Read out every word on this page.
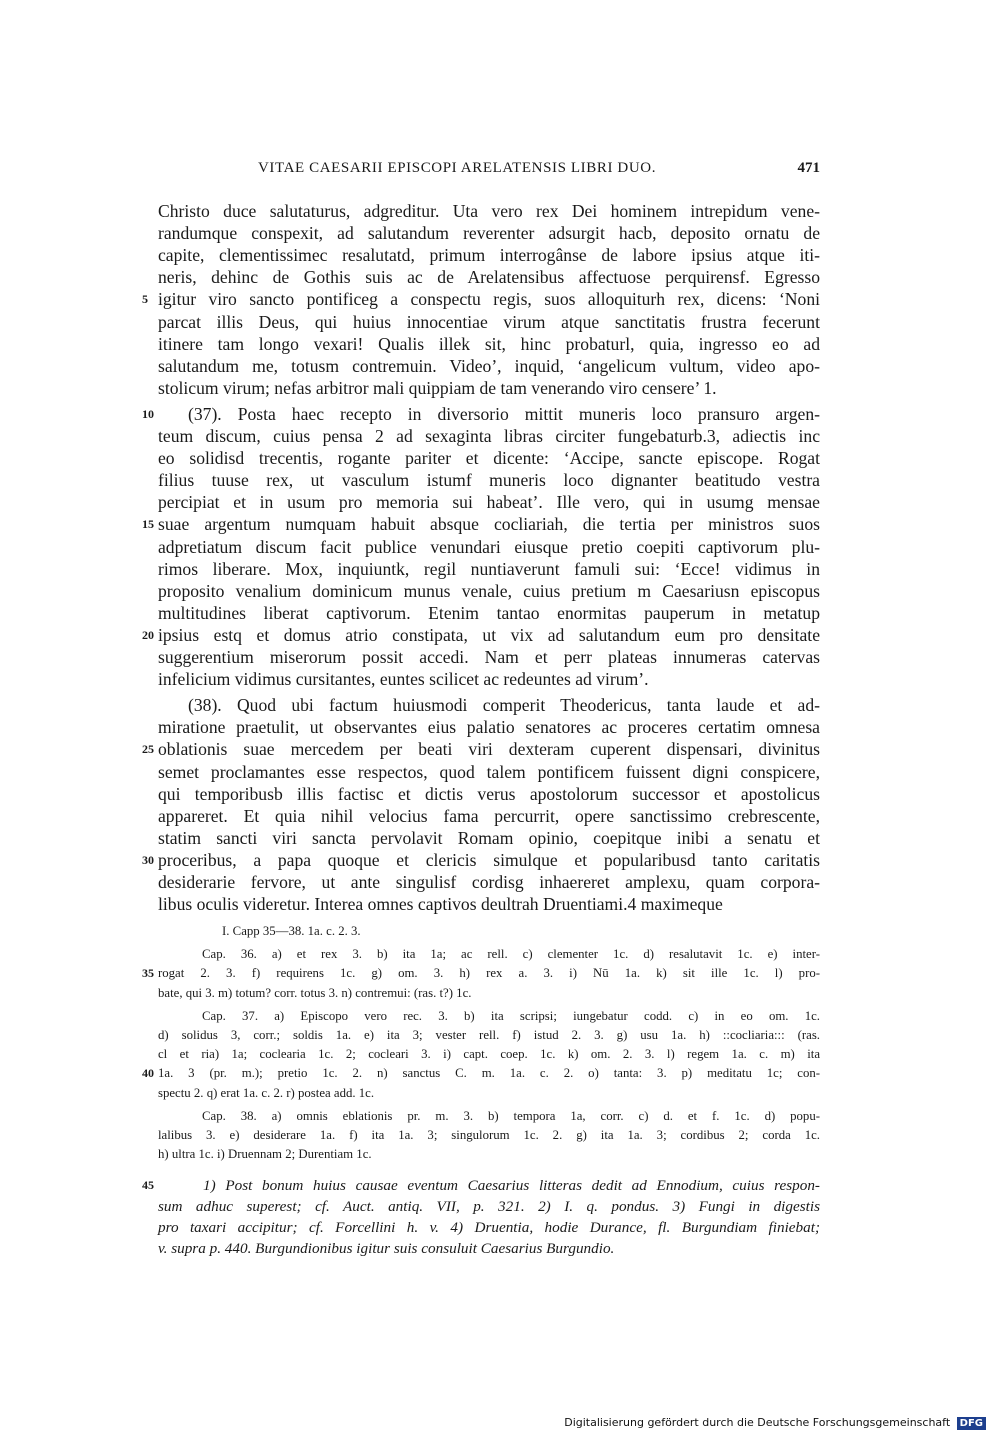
VITAE CAESARII EPISCOPI ARELATENSIS LIBRI DUO.	471
Christo duce salutaturus, adgreditur. Uta vero rex Dei hominem intrepidum vene-
randumque conspexit, ad salutandum reverenter adsurgit hacb, deposito ornatu de
capite, clementissimec resalutatd, primum interrogânse de labore ipsius atque iti-
neris, dehinc de Gothis suis ac de Arelatensibus affectuose perquirensf. Egresso
igitur viro sancto pontificeg a conspectu regis, suos alloquiturh rex, dicens: ‘Noni
5
parcat illis Deus, qui huius innocentiae virum atque sanctitatis frustra fecerunt
itinere tam longo vexari! Qualis illek sit, hinc probaturl, quia, ingresso eo ad
salutandum me, totusm contremuin. Video’, inquid, ‘angelicum vultum, video apo-
stolicum virum; nefas arbitror mali quippiam de tam venerando viro censere’ 1.
(37). Posta haec recepto in diversorio mittit muneris loco pransuro argen-
10
teum discum, cuius pensa 2 ad sexaginta libras circiter fungebaturb.3, adiectis inc
eo solidisd trecentis, rogante pariter et dicente: ‘Accipe, sancte episcope. Rogat
filius tuuse rex, ut vasculum istumf muneris loco dignanter beatitudo vestra
percipiat et in usum pro memoria sui habeat’. Ille vero, qui in usumg mensae
suae argentum numquam habuit absque cocliariah, die tertia per ministros suos
15
adpretiatum discum facit publice venundari eiusque pretio coepiti captivorum plu-
rimos liberare. Mox, inquiuntk, regil nuntiaverunt famuli sui: ‘Ecce! vidimus in
proposito venalium dominicum munus venale, cuius pretium m Caesariusn episcopus
multitudines liberat captivorum. Etenim tantao enormitas pauperum in metatup
ipsius estq et domus atrio constipata, ut vix ad salutandum eum pro densitate
20
suggerentium miserorum possit accedi. Nam et perr plateas innumeras catervas
infelicium vidimus cursitantes, euntes scilicet ac redeuntes ad virum’.
(38). Quod ubi factum huiusmodi comperit Theodericus, tanta laude et ad-
miratione praetulit, ut observantes eius palatio senatores ac proceres certatim omnesa
oblationis suae mercedem per beati viri dexteram cuperent dispensari, divinitus
25
semet proclamantes esse respectos, quod talem pontificem fuissent digni conspicere,
qui temporibusb illis factisc et dictis verus apostolorum successor et apostolicus
appareret. Et quia nihil velocius fama percurrit, opere sanctissimo crebrescente,
statim sancti viri sancta pervolavit Romam opinio, coepitque inibi a senatu et
proceribus, a papa quoque et clericis simulque et popularibusd tanto caritatis
30
desiderarie fervore, ut ante singulisf cordisg inhaereret amplexu, quam corpora-
libus oculis videretur. Interea omnes captivos deultrah Druentiami.4 maximeque
I. Capp 35—38. 1a. c. 2. 3.
Cap. 36. a) et rex 3. b) ita 1a; ac rell. c) clementer 1c. d) resalutavit 1c. e) inter-
rogat 2. 3. f) requirens 1c. g) om. 3. h) rex a. 3. i) Nū 1a. k) sit ille 1c. l) pro-
35
bate, qui 3. m) totum? corr. totus 3. n) contremui: (ras. t?) 1c.
Cap. 37. a) Episcopo vero rec. 3. b) ita scripsi; iungebatur codd. c) in eo om. 1c.
d) solidus 3, corr.; soldis 1a. e) ita 3; vester rell. f) istud 2. 3. g) usu 1a. h) ::cocliaria::: (ras.
cl et ria) 1a; coclearia 1c. 2; cocleari 3. i) capt. coep. 1c. k) om. 2. 3. l) regem 1a. c. m) ita
1a. 3 (pr. m.); pretio 1c. 2. n) sanctus C. m. 1a. c. 2. o) tanta: 3. p) meditatu 1c; con-
40
spectu 2. q) erat 1a. c. 2. r) postea add. 1c.
Cap. 38. a) omnis eblationis pr. m. 3. b) tempora 1a, corr. c) d. et f. 1c. d) popu-
lalibus 3. e) desiderare 1a. f) ita 1a. 3; singulorum 1c. 2. g) ita 1a. 3; cordibus 2; corda 1c.
h) ultra 1c. i) Druennam 2; Durentiam 1c.
1) Post bonum huius causae eventum Caesarius litteras dedit ad Ennodium, cuius respon-
45
sum adhuc superest; cf. Auct. antiq. VII, p. 321. 2) I. q. pondus. 3) Fungi in digestis
pro taxari accipitur; cf. Forcellini h. v. 4) Druentia, hodie Durance, fl. Burgundiam finiebat;
v. supra p. 440. Burgundionibus igitur suis consuluit Caesarius Burgundio.
Digitalisierung gefördert durch die Deutsche Forschungsgemeinschaft DFG
